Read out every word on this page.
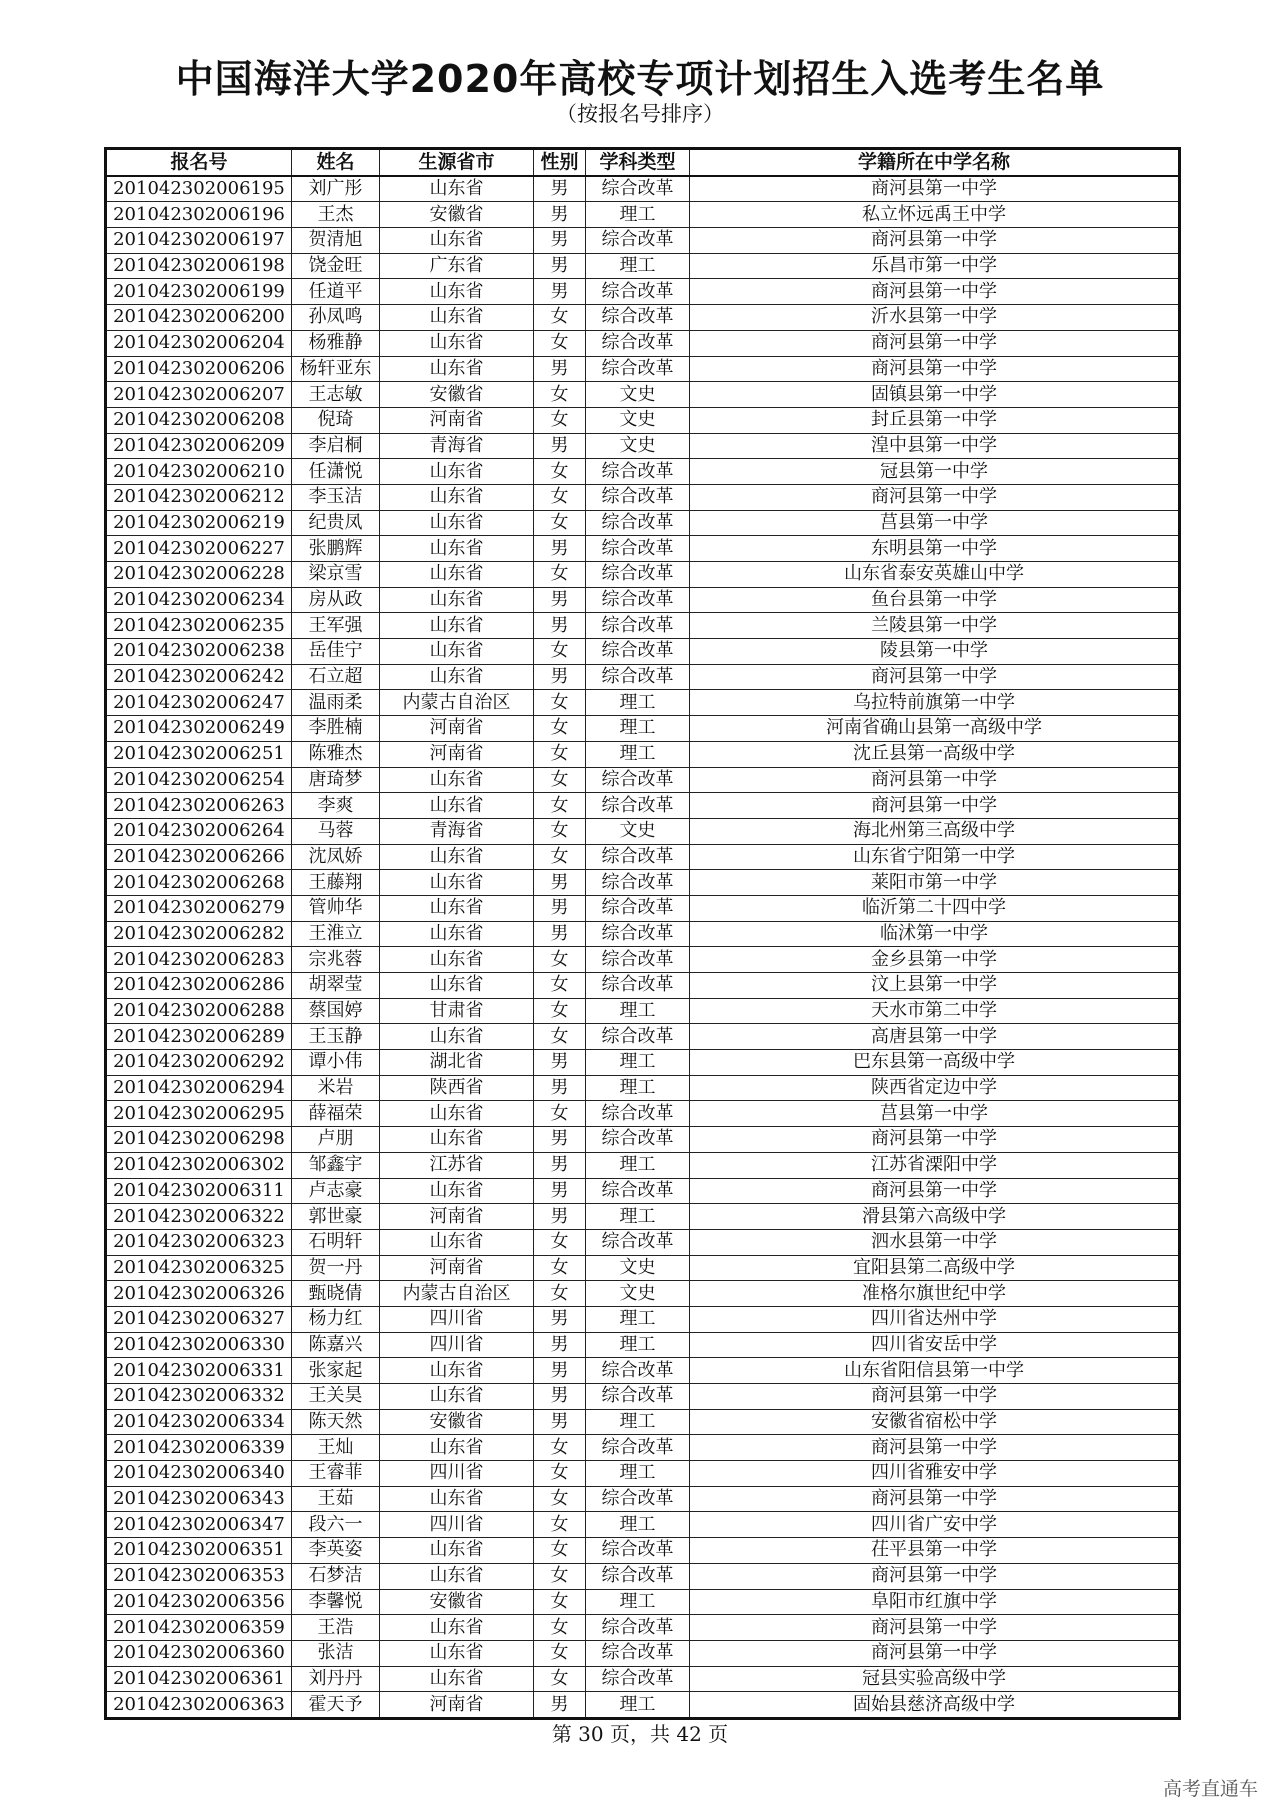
中国海洋大学2020年高校专项计划招生入选考生名单
（按报名号排序）
报名号	姓名	生源省市	性别	学科类型	学籍所在中学名称
201042302006195	刘广彤	山东省	男	综合改革	商河县第一中学
201042302006196	王杰	安徽省	男	理工	私立怀远禹王中学
201042302006197	贺清旭	山东省	男	综合改革	商河县第一中学
201042302006198	饶金旺	广东省	男	理工	乐昌市第一中学
201042302006199	任道平	山东省	男	综合改革	商河县第一中学
201042302006200	孙凤鸣	山东省	女	综合改革	沂水县第一中学
201042302006204	杨雅静	山东省	女	综合改革	商河县第一中学
201042302006206	杨轩亚东	山东省	男	综合改革	商河县第一中学
201042302006207	王志敏	安徽省	女	文史	固镇县第一中学
201042302006208	倪琦	河南省	女	文史	封丘县第一中学
201042302006209	李启桐	青海省	男	文史	湟中县第一中学
201042302006210	任潇悦	山东省	女	综合改革	冠县第一中学
201042302006212	李玉洁	山东省	女	综合改革	商河县第一中学
201042302006219	纪贵凤	山东省	女	综合改革	莒县第一中学
201042302006227	张鹏辉	山东省	男	综合改革	东明县第一中学
201042302006228	梁京雪	山东省	女	综合改革	山东省泰安英雄山中学
201042302006234	房从政	山东省	男	综合改革	鱼台县第一中学
201042302006235	王军强	山东省	男	综合改革	兰陵县第一中学
201042302006238	岳佳宁	山东省	女	综合改革	陵县第一中学
201042302006242	石立超	山东省	男	综合改革	商河县第一中学
201042302006247	温雨柔	内蒙古自治区	女	理工	乌拉特前旗第一中学
201042302006249	李胜楠	河南省	女	理工	河南省确山县第一高级中学
201042302006251	陈雅杰	河南省	女	理工	沈丘县第一高级中学
201042302006254	唐琦梦	山东省	女	综合改革	商河县第一中学
201042302006263	李爽	山东省	女	综合改革	商河县第一中学
201042302006264	马蓉	青海省	女	文史	海北州第三高级中学
201042302006266	沈凤娇	山东省	女	综合改革	山东省宁阳第一中学
201042302006268	王藤翔	山东省	男	综合改革	莱阳市第一中学
201042302006279	管帅华	山东省	男	综合改革	临沂第二十四中学
201042302006282	王淮立	山东省	男	综合改革	临沭第一中学
201042302006283	宗兆蓉	山东省	女	综合改革	金乡县第一中学
201042302006286	胡翠莹	山东省	女	综合改革	汶上县第一中学
201042302006288	蔡国婷	甘肃省	女	理工	天水市第二中学
201042302006289	王玉静	山东省	女	综合改革	高唐县第一中学
201042302006292	谭小伟	湖北省	男	理工	巴东县第一高级中学
201042302006294	米岩	陕西省	男	理工	陕西省定边中学
201042302006295	薛福荣	山东省	女	综合改革	莒县第一中学
201042302006298	卢朋	山东省	男	综合改革	商河县第一中学
201042302006302	邹鑫宇	江苏省	男	理工	江苏省溧阳中学
201042302006311	卢志豪	山东省	男	综合改革	商河县第一中学
201042302006322	郭世豪	河南省	男	理工	滑县第六高级中学
201042302006323	石明轩	山东省	女	综合改革	泗水县第一中学
201042302006325	贺一丹	河南省	女	文史	宜阳县第二高级中学
201042302006326	甄晓倩	内蒙古自治区	女	文史	准格尔旗世纪中学
201042302006327	杨力红	四川省	男	理工	四川省达州中学
201042302006330	陈嘉兴	四川省	男	理工	四川省安岳中学
201042302006331	张家起	山东省	男	综合改革	山东省阳信县第一中学
201042302006332	王关昊	山东省	男	综合改革	商河县第一中学
201042302006334	陈天然	安徽省	男	理工	安徽省宿松中学
201042302006339	王灿	山东省	女	综合改革	商河县第一中学
201042302006340	王睿菲	四川省	女	理工	四川省雅安中学
201042302006343	王茹	山东省	女	综合改革	商河县第一中学
201042302006347	段六一	四川省	女	理工	四川省广安中学
201042302006351	李英姿	山东省	女	综合改革	茌平县第一中学
201042302006353	石梦洁	山东省	女	综合改革	商河县第一中学
201042302006356	李馨悦	安徽省	女	理工	阜阳市红旗中学
201042302006359	王浩	山东省	女	综合改革	商河县第一中学
201042302006360	张洁	山东省	女	综合改革	商河县第一中学
201042302006361	刘丹丹	山东省	女	综合改革	冠县实验高级中学
201042302006363	霍天予	河南省	男	理工	固始县慈济高级中学
第 30 页，共 42 页
高考直通车
